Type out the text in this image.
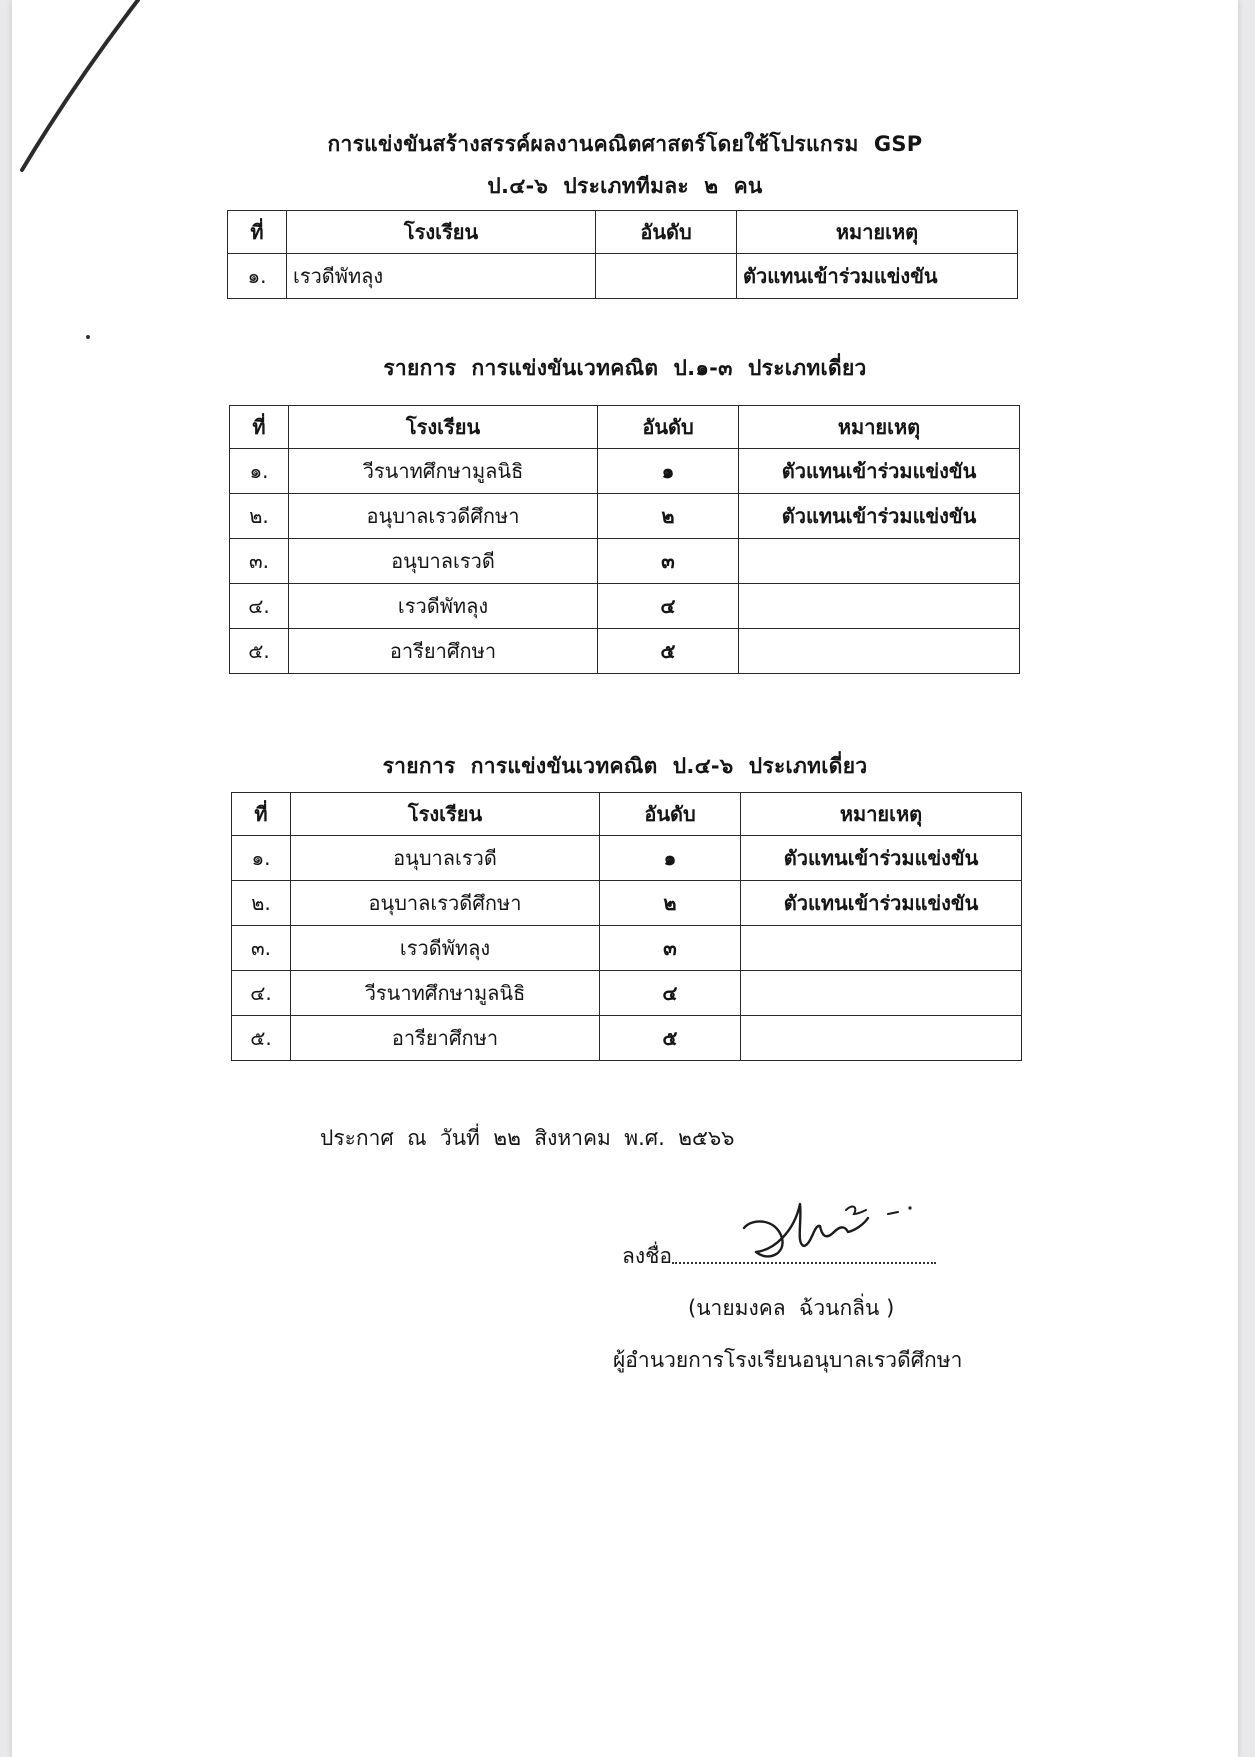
การแข่งขันสร้างสรรค์ผลงานคณิตศาสตร์โดยใช้โปรแกรม  GSP
ป.๔-๖  ประเภททีมละ  ๒  คน
ที่	โรงเรียน	อันดับ	หมายเหตุ
๑.	เรวดีพัทลุง		ตัวแทนเข้าร่วมแข่งขัน
รายการ  การแข่งขันเวทคณิต  ป.๑-๓  ประเภทเดี่ยว
ที่	โรงเรียน	อันดับ	หมายเหตุ
๑.	วีรนาทศึกษามูลนิธิ	๑	ตัวแทนเข้าร่วมแข่งขัน
๒.	อนุบาลเรวดีศึกษา	๒	ตัวแทนเข้าร่วมแข่งขัน
๓.	อนุบาลเรวดี	๓	
๔.	เรวดีพัทลุง	๔	
๕.	อารียาศึกษา	๕	
รายการ  การแข่งขันเวทคณิต  ป.๔-๖  ประเภทเดี่ยว
ที่	โรงเรียน	อันดับ	หมายเหตุ
๑.	อนุบาลเรวดี	๑	ตัวแทนเข้าร่วมแข่งขัน
๒.	อนุบาลเรวดีศึกษา	๒	ตัวแทนเข้าร่วมแข่งขัน
๓.	เรวดีพัทลุง	๓	
๔.	วีรนาทศึกษามูลนิธิ	๔	
๕.	อารียาศึกษา	๕	
ประกาศ  ณ  วันที่  ๒๒  สิงหาคม  พ.ศ.  ๒๕๖๖
ลงชื่อ
(นายมงคล  ฉ้วนกลิ่น )
ผู้อำนวยการโรงเรียนอนุบาลเรวดีศึกษา
